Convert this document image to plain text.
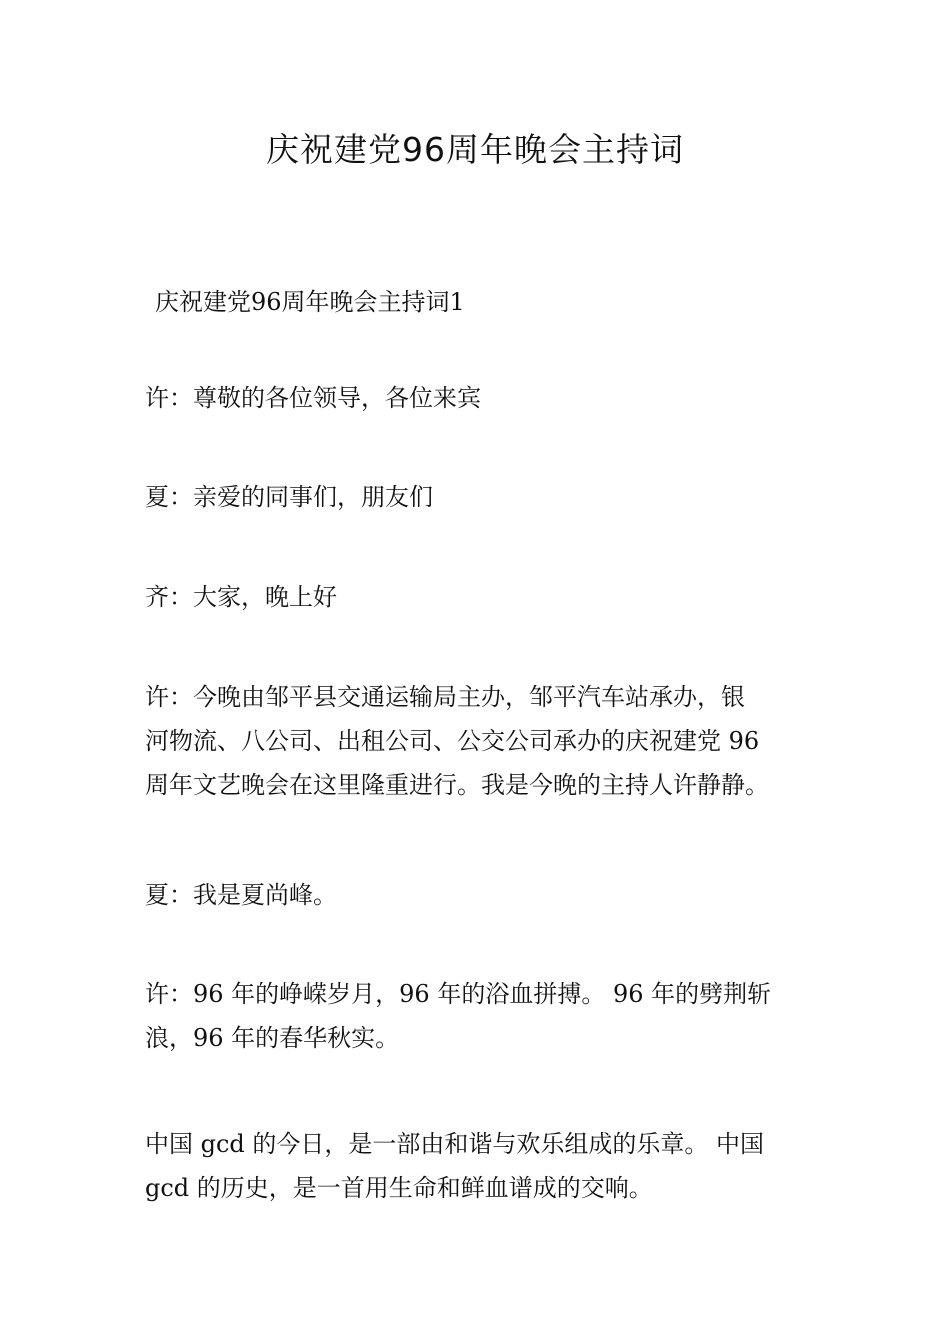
庆祝建党96周年晚会主持词

庆祝建党96周年晚会主持词1

许：尊敬的各位领导，各位来宾

夏：亲爱的同事们，朋友们

齐：大家，晚上好

许：今晚由邹平县交通运输局主办，邹平汽车站承办，银
河物流、八公司、出租公司、公交公司承办的庆祝建党 96
周年文艺晚会在这里隆重进行。我是今晚的主持人许静静。

夏：我是夏尚峰。

许：96 年的峥嵘岁月，96 年的浴血拼搏。 96 年的劈荆斩
浪，96 年的春华秋实。

中国 gcd 的今日，是一部由和谐与欢乐组成的乐章。 中国
gcd 的历史，是一首用生命和鲜血谱成的交响。
